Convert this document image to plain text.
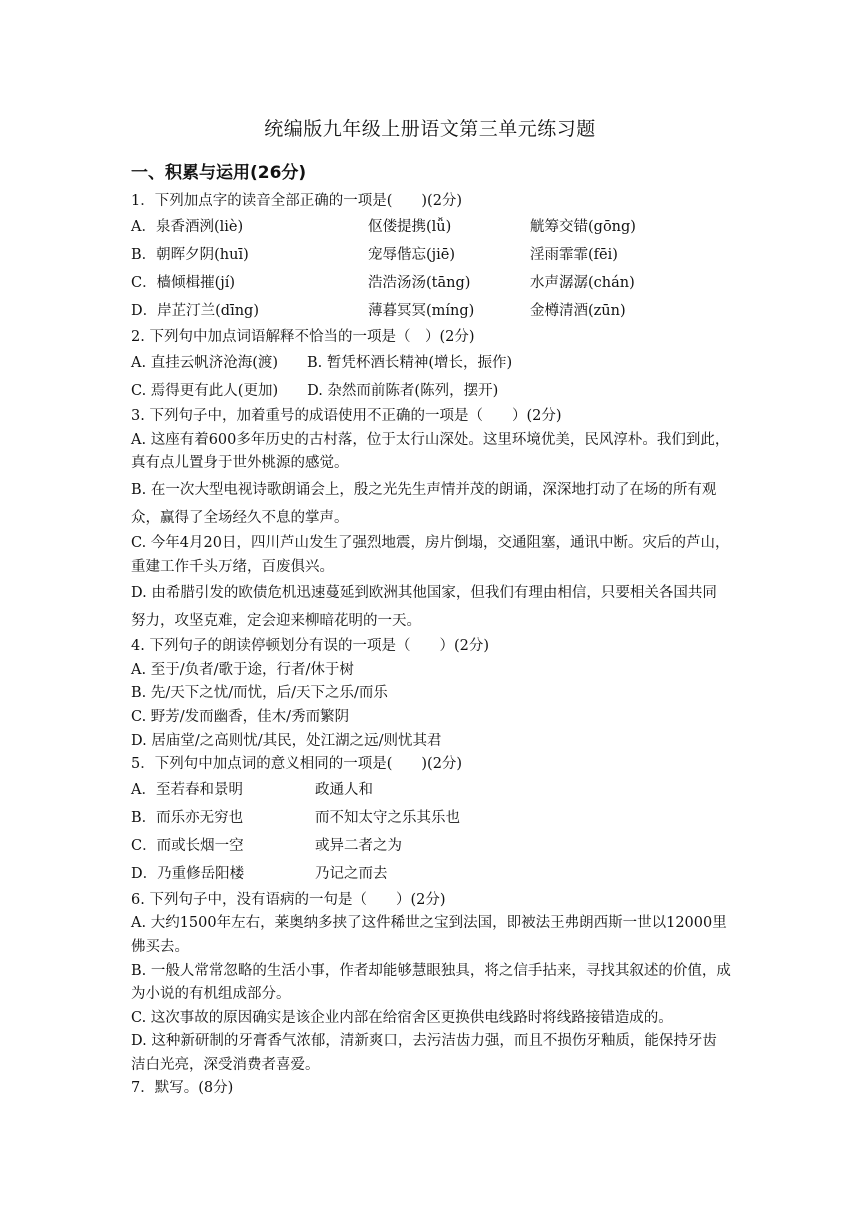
统编版九年级上册语文第三单元练习题
一、积累与运用(26分)

1．下列加点字的读音全部正确的一项是(　　)(2分)

A．泉香酒洌(liè)	伛偻提携(lǚ)	觥筹交错(gōng)
B．朝晖夕阴(huī)	宠辱偕忘(jiē)	淫雨霏霏(fēi)
C．樯倾楫摧(jí)	浩浩汤汤(tāng)	水声潺潺(chán)
D．岸芷汀兰(dīng)	薄暮冥冥(míng)	金樽清酒(zūn)

2. 下列句中加点词语解释不恰当的一项是（　）(2分)

A. 直挂云帆济沧海(渡)　　B. 暂凭杯酒长精神(增长，振作)

C. 焉得更有此人(更加)　　D. 杂然而前陈者(陈列，摆开)

3. 下列句子中，加着重号的成语使用不正确的一项是（　　）(2分)

A. 这座有着600多年历史的古村落，位于太行山深处。这里环境优美，民风淳朴。我们到此，真有点儿置身于世外桃源的感觉。

B. 在一次大型电视诗歌朗诵会上，殷之光先生声情并茂的朗诵，深深地打动了在场的所有观众，赢得了全场经久不息的掌声。

C. 今年4月20日，四川芦山发生了强烈地震，房片倒塌，交通阻塞，通讯中断。灾后的芦山，重建工作千头万绪，百废俱兴。

D. 由希腊引发的欧债危机迅速蔓延到欧洲其他国家，但我们有理由相信，只要相关各国共同努力，攻坚克难，定会迎来柳暗花明的一天。

4. 下列句子的朗读停顿划分有误的一项是（　　）(2分)

A. 至于/负者/歌于途，行者/休于树

B. 先/天下之忧/而忧，后/天下之乐/而乐

C. 野芳/发而幽香，佳木/秀而繁阴

D. 居庙堂/之高则忧/其民，处江湖之远/则忧其君

5．下列句中加点词的意义相同的一项是(　　)(2分)

A．至若春和景明	政通人和
B．而乐亦无穷也	而不知太守之乐其乐也
C．而或长烟一空	或异二者之为
D．乃重修岳阳楼	乃记之而去

6. 下列句子中，没有语病的一句是（　　）(2分)

A. 大约1500年左右，莱奥纳多挟了这件稀世之宝到法国，即被法王弗朗西斯一世以12000里佛买去。

B. 一般人常常忽略的生活小事，作者却能够慧眼独具，将之信手拈来，寻找其叙述的价值，成为小说的有机组成部分。

C. 这次事故的原因确实是该企业内部在给宿舍区更换供电线路时将线路接错造成的。

D. 这种新研制的牙膏香气浓郁，清新爽口，去污洁齿力强，而且不损伤牙釉质，能保持牙齿洁白光亮，深受消费者喜爱。

7．默写。(8分)
